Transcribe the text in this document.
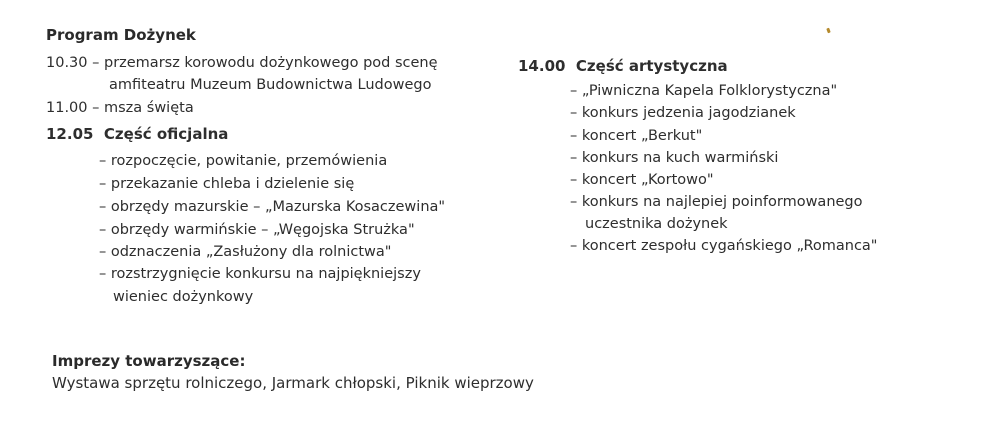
Program Dożynek
10.30 – przemarsz korowodu dożynkowego pod scenę
amfiteatru Muzeum Budownictwa Ludowego
11.00 – msza święta
12.05 Część oficjalna
– rozpoczęcie, powitanie, przemówienia
– przekazanie chleba i dzielenie się
– obrzędy mazurskie – „Mazurska Kosaczewina"
– obrzędy warmińskie – „Węgojska Strużka"
– odznaczenia „Zasłużony dla rolnictwa"
– rozstrzygnięcie konkursu na najpiękniejszy
wieniec dożynkowy
14.00 Część artystyczna
– „Piwniczna Kapela Folklorystyczna"
– konkurs jedzenia jagodzianek
– koncert „Berkut"
– konkurs na kuch warmiński
– koncert „Kortowo"
– konkurs na najlepiej poinformowanego
uczestnika dożynek
– koncert zespołu cygańskiego „Romanca"
Imprezy towarzyszące:
Wystawa sprzętu rolniczego, Jarmark chłopski, Piknik wieprzowy
